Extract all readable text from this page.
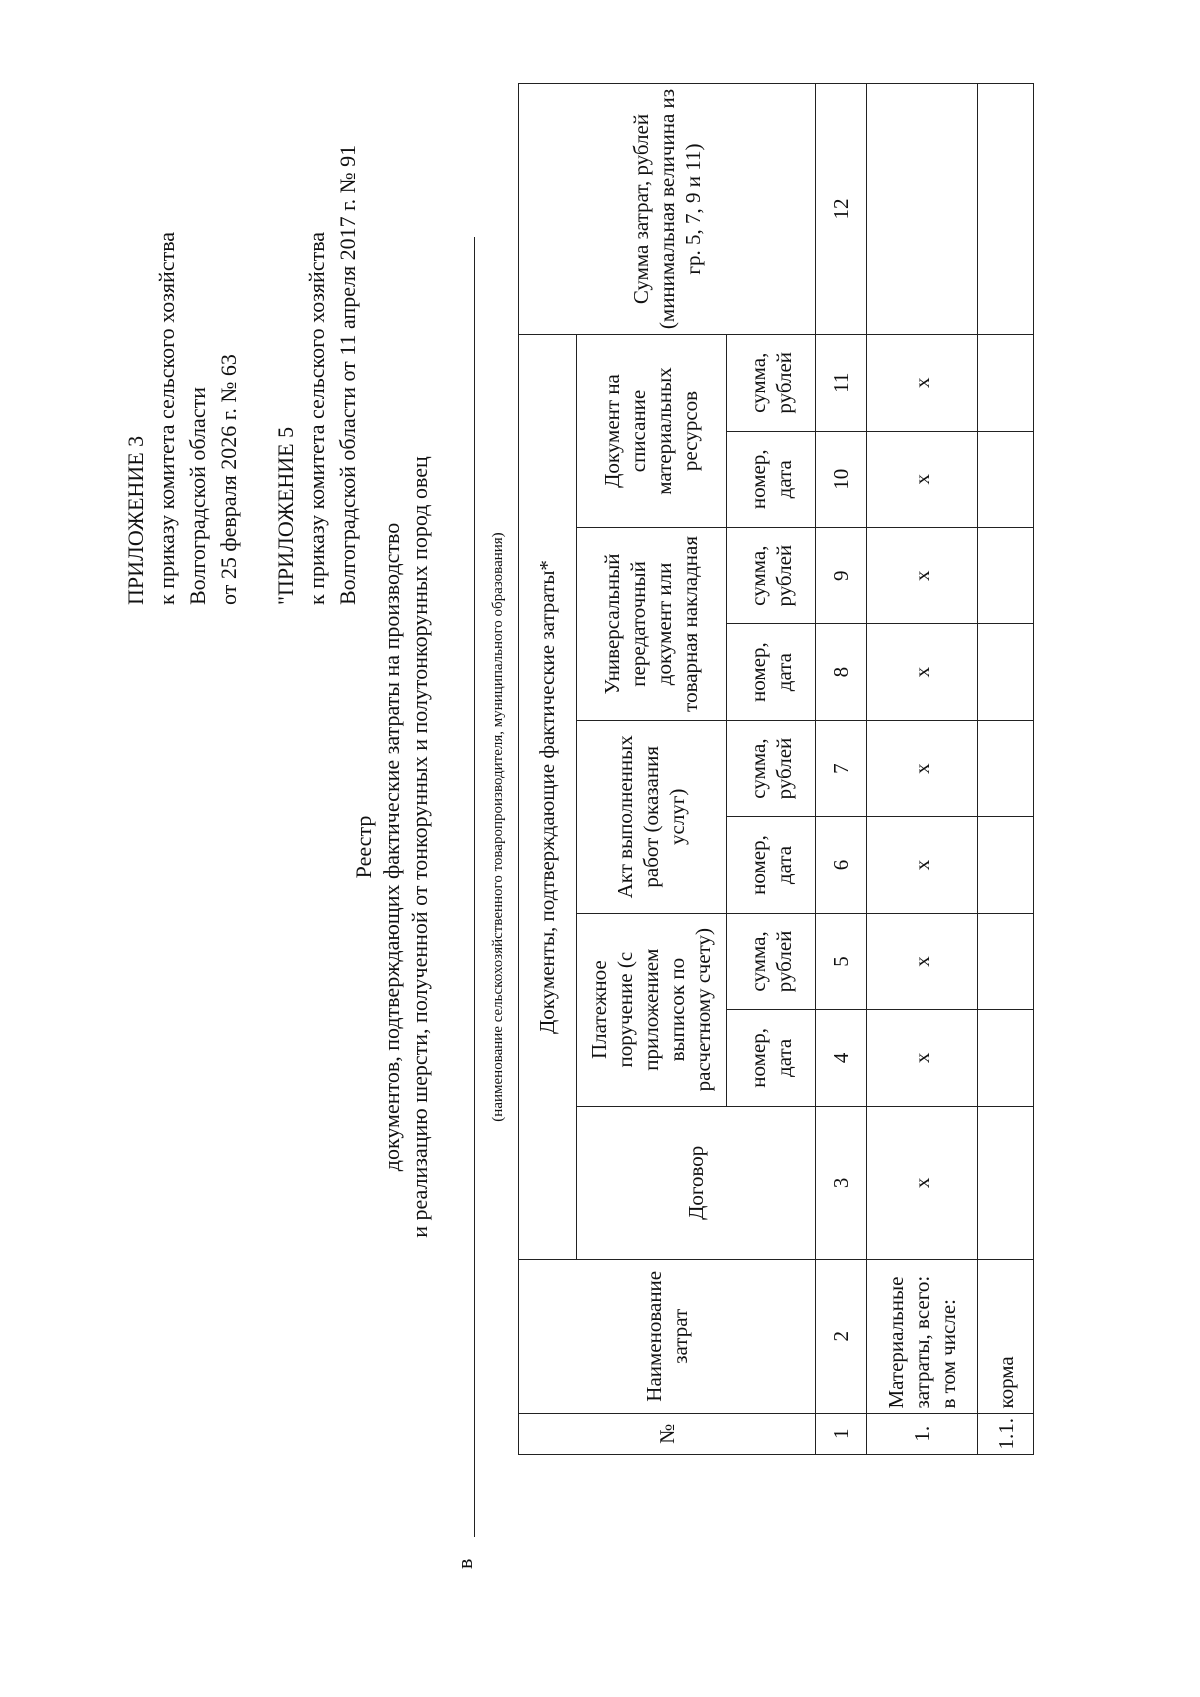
ПРИЛОЖЕНИЕ 3 к приказу комитета сельского хозяйства Волгоградской области от 25 февраля 2026 г. № 63 "ПРИЛОЖЕНИЕ 5 к приказу комитета сельского хозяйства Волгоградской области от 11 апреля 2017 г. № 91
Реестр документов, подтверждающих фактические затраты на производство и реализацию шерсти, полученной от тонкорунных и полутонкорунных пород овец
в
(наименование сельскохозяйственного товаропроизводителя, муниципального образования)
№	Наименование затрат	Документы, подтверждающие фактические затраты*									Сумма затрат, рублей (минимальная величина из гр. 5, 7, 9 и 11)
		Договор	Платежное поручение (с приложением выписок по расчетному счету)		Акт выполненных работ (оказания услуг)		Универсальный передаточный документ или товарная накладная		Документ на списание материальных ресурсов		
			номер, дата	сумма, рублей	номер, дата	сумма, рублей	номер, дата	сумма, рублей	номер, дата	сумма, рублей	
1	2	3	4	5	6	7	8	9	10	11	12
1.	Материальные затраты, всего: в том числе:	x	x	x	x	x	x	x	x	x	
1.1.	корма										
